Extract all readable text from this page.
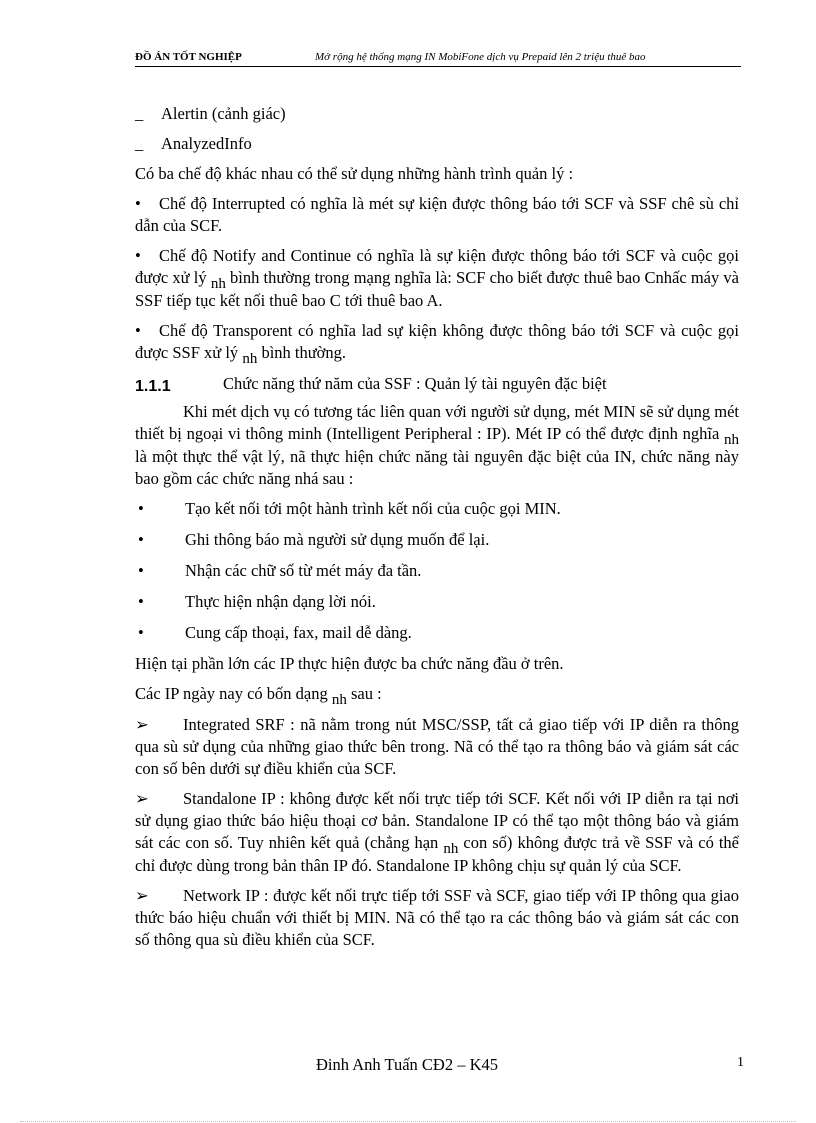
ĐỒ ÁN TỐT NGHIỆP	Mở rộng hệ thống mạng IN MobiFone dịch vụ Prepaid lên 2 triệu thuê bao
_ Alertin (cảnh giác)
_ AnalyzedInfo

Có ba chế độ khác nhau có thể sử dụng những hành trình quản lý :

• Chế độ Interrupted có nghĩa là mét sự kiện được thông báo tới SCF và SSF chê sù chỉ dẫn của SCF.

• Chế độ Notify and Continue có nghĩa là sự kiện được thông báo tới SCF và cuộc gọi được xử lý nh bình thường trong mạng nghĩa là: SCF cho biết được thuê bao Cnhấc máy và SSF tiếp tục kết nối thuê bao C tới thuê bao A.

• Chế độ Transporent có nghĩa lad sự kiện không được thông báo tới SCF và cuộc gọi được SSF xử lý nh bình thường.

1.1.1	Chức năng thứ năm của SSF : Quản lý tài nguyên đặc biệt

Khi mét dịch vụ có tương tác liên quan với người sử dụng, mét MIN sẽ sử dụng mét thiết bị ngoại vi thông minh (Intelligent Peripheral : IP). Mét IP có thể được định nghĩa nh là một thực thể vật lý, nã thực hiện chức năng tài nguyên đặc biệt của IN, chức năng này bao gồm các chức năng nhá sau :

• Tạo kết nối tới một hành trình kết nối của cuộc gọi MIN.
• Ghi thông báo mà người sử dụng muốn để lại.
• Nhận các chữ số từ mét máy đa tần.
• Thực hiện nhận dạng lời nói.
• Cung cấp thoại, fax, mail dễ dàng.

Hiện tại phần lớn các IP thực hiện được ba chức năng đầu ở trên.

Các IP ngày nay có bốn dạng nh sau :

➢ Integrated SRF : nã nằm trong nút MSC/SSP, tất cả giao tiếp với IP diễn ra thông qua sù sử dụng của những giao thức bên trong. Nã có thể tạo ra thông báo và giám sát các con số bên dưới sự điều khiển của SCF.

➢ Standalone IP : không được kết nối trực tiếp tới SCF. Kết nối với IP diễn ra tại nơi sử dụng giao thức báo hiệu thoại cơ bản. Standalone IP có thể tạo một thông báo và giám sát các con số. Tuy nhiên kết quả (chẳng hạn nh con số) không được trả về SSF và có thể chỉ được dùng trong bản thân IP đó. Standalone IP không chịu sự quản lý của SCF.

➢ Network IP : được kết nối trực tiếp tới SSF và SCF, giao tiếp với IP thông qua giao thức báo hiệu chuẩn với thiết bị MIN. Nã có thể tạo ra các thông báo và giám sát các con số thông qua sù điều khiển của SCF.

Đinh Anh Tuấn CĐ2 – K45	1
